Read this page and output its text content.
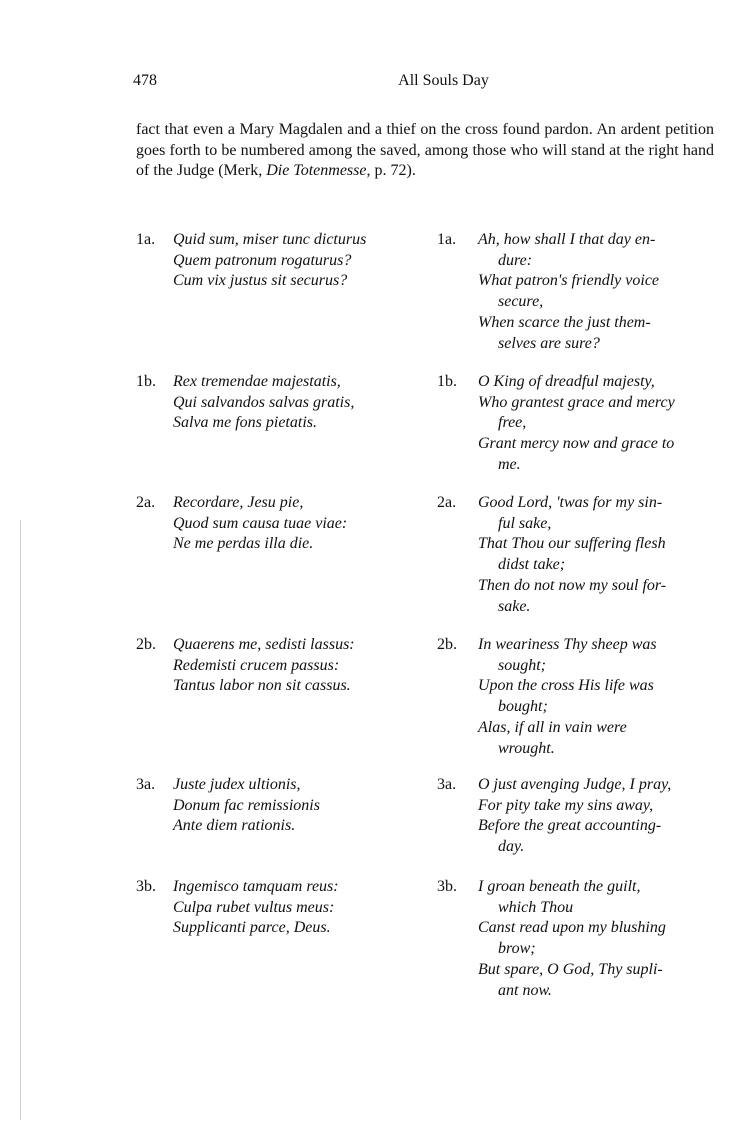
478	All Souls Day

fact that even a Mary Magdalen and a thief on the cross found pardon. An ardent petition goes forth to be numbered among the saved, among those who will stand at the right hand of the Judge (Merk, Die Totenmesse, p. 72).

1a. Quid sum, miser tunc dicturus
Quem patronum rogaturus?
Cum vix justus sit securus?
1a. Ah, how shall I that day en-
dure:
What patron's friendly voice
secure,
When scarce the just them-
selves are sure?
1b. Rex tremendae majestatis,
Qui salvandos salvas gratis,
Salva me fons pietatis.
1b. O King of dreadful majesty,
Who grantest grace and mercy
free,
Grant mercy now and grace to
me.
2a. Recordare, Jesu pie,
Quod sum causa tuae viae:
Ne me perdas illa die.
2a. Good Lord, 'twas for my sin-
ful sake,
That Thou our suffering flesh
didst take;
Then do not now my soul for-
sake.
2b. Quaerens me, sedisti lassus:
Redemisti crucem passus:
Tantus labor non sit cassus.
2b. In weariness Thy sheep was
sought;
Upon the cross His life was
bought;
Alas, if all in vain were
wrought.
3a. Juste judex ultionis,
Donum fac remissionis
Ante diem rationis.
3a. O just avenging Judge, I pray,
For pity take my sins away,
Before the great accounting-
day.
3b. Ingemisco tamquam reus:
Culpa rubet vultus meus:
Supplicanti parce, Deus.
3b. I groan beneath the guilt,
which Thou
Canst read upon my blushing
brow;
But spare, O God, Thy supli-
ant now.
